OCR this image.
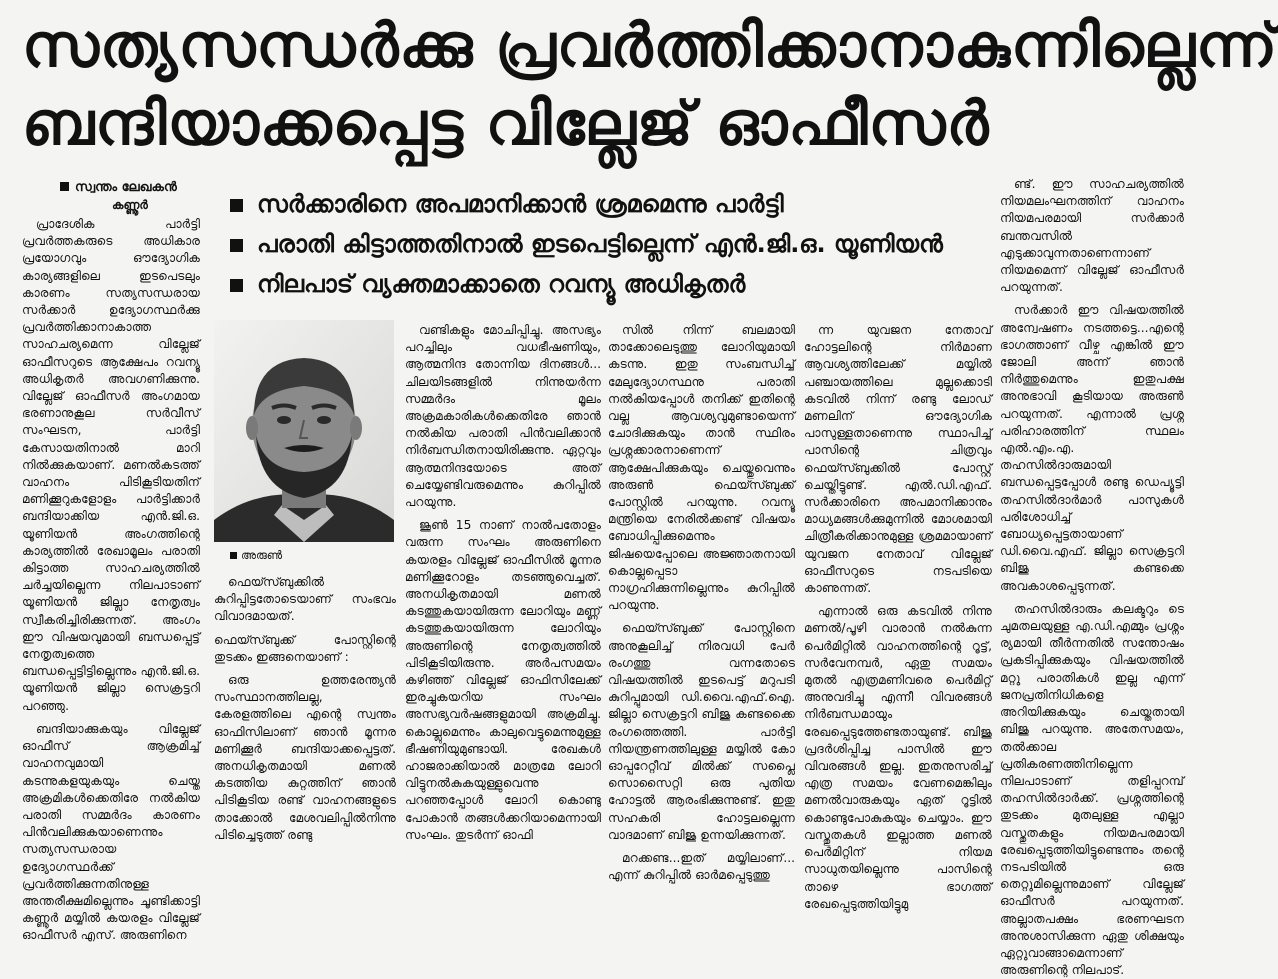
സത്യസന്ധർക്കു പ്രവർത്തിക്കാനാകുന്നില്ലെന്ന്
ബന്ദിയാക്കപ്പെട്ട വില്ലേജ് ഓഫീസർ
സ്വന്തം ലേഖകൻ
കണ്ണൂർ

പ്രാദേശിക പാർട്ടി പ്രവർത്തകരുടെ അധികാര പ്രയോഗവും ഔദ്യോഗിക കാര്യങ്ങളിലെ ഇടപെടലും കാരണം സത്യസന്ധരായ സർക്കാർ ഉദ്യോഗസ്ഥർക്കു പ്രവർത്തിക്കാനാകാത്ത സാഹചര്യമെന്ന വില്ലേജ് ഓഫീസറുടെ ആക്ഷേപം റവന്യൂ അധികൃതർ അവഗണിക്കുന്നു. വില്ലേജ് ഓഫീസർ അംഗമായ ഭരണാനുകൂല സർവീസ് സംഘടന, പാർട്ടി കേസായതിനാൽ മാറി നിൽക്കുകയാണ്. മണൽകടത്ത് വാഹനം പിടികൂടിയതിന് മണിക്കൂറുകളോളം പാർട്ടിക്കാർ ബന്ദിയാക്കിയ എൻ.ജി.ഒ. യൂണിയൻ അംഗത്തിന്റെ കാര്യത്തിൽ രേഖാമൂലം പരാതി കിട്ടാത്ത സാഹചര്യത്തിൽ ചർച്ചയില്ലെന്ന നിലപാടാണ് യൂണിയൻ ജില്ലാ നേതൃത്വം സ്വീകരിച്ചിരിക്കുന്നത്. അംഗം ഈ വിഷയവുമായി ബന്ധപ്പെട്ട് നേതൃത്വത്തെ ബന്ധപ്പെട്ടിട്ടില്ലെന്നും എൻ.ജി.ഒ. യൂണിയൻ ജില്ലാ സെക്രട്ടറി പറഞ്ഞു.

ബന്ദിയാക്കുകയും വില്ലേജ് ഓഫീസ് ആക്രമിച്ച് വാഹനവുമായി കടന്നുകളയുകയും ചെയ്ത അക്രമികൾക്കെതിരേ നൽകിയ പരാതി സമ്മർദം കാരണം പിൻവലിക്കുകയാണെന്നും സത്യസന്ധരായ ഉദ്യോഗസ്ഥർക്ക് പ്രവർത്തിക്കുന്നതിനുള്ള അന്തരീക്ഷമില്ലെന്നും ചൂണ്ടിക്കാട്ടി കണ്ണൂർ മയ്യിൽ കയരളം വില്ലേജ് ഓഫീസർ എസ്. അരുണിനെ

സർക്കാരിനെ അപമാനിക്കാൻ ശ്രമമെന്നു പാർട്ടി
പരാതി കിട്ടാത്തതിനാൽ ഇടപെട്ടില്ലെന്ന് എൻ.ജി.ഒ. യൂണിയൻ
നിലപാട് വ്യക്തമാക്കാതെ റവന്യൂ അധികൃതർ
അരുൺ

ഫെയ്സ്ബുക്കിൽ കുറിപ്പിട്ടതോടെയാണ് സംഭവം വിവാദമായത്.

ഫെയ്സ്ബുക്ക് പോസ്റ്റിന്റെ തുടക്കം ഇങ്ങനെയാണ് :

ഒരു ഉത്തരേന്ത്യൻ സംസ്ഥാനത്തിലല്ല, കേരളത്തിലെ എന്റെ സ്വന്തം ഓഫിസിലാണ് ഞാൻ മൂന്നര മണിക്കൂർ ബന്ദിയാക്കപ്പെട്ടത്. അനധികൃതമായി മണൽ കടത്തിയ കുറ്റത്തിന് ഞാൻ പിടികൂടിയ രണ്ട് വാഹനങ്ങളുടെ താക്കോൽ മേശവലിപ്പിൽനിന്നു പിടിച്ചെടുത്ത് രണ്ടു

വണ്ടികളും മോചിപ്പിച്ചു. അസഭ്യം പറച്ചിലും വധഭീഷണിയും, ആത്മനിന്ദ തോന്നിയ ദിനങ്ങൾ... ചിലയിടങ്ങളിൽ നിന്നുയർന്ന സമ്മർദം മൂലം അക്രമകാരികൾക്കെതിരേ ഞാൻ നൽകിയ പരാതി പിൻവലിക്കാൻ നിർബന്ധിതനായിരിക്കുന്നു. ഏറ്റവും ആത്മനിന്ദയോടെ അത് ചെയ്യേണ്ടിവരുമെന്നും കുറിപ്പിൽ പറയുന്നു.

ജൂൺ 15 നാണ് നാൽപതോളം വരുന്ന സംഘം അരുണിനെ കയരളം വില്ലേജ് ഓഫീസിൽ മൂന്നര മണിക്കൂറോളം തടഞ്ഞുവെച്ചത്. അനധികൃതമായി മണൽ കടത്തുകയായിരുന്ന ലോറിയും മണ്ണ് കടത്തുകയായിരുന്ന ലോറിയും അരുണിന്റെ നേതൃത്വത്തിൽ പിടികൂടിയിരുന്നു. അർപസമയം കഴിഞ്ഞ് വില്ലേജ് ഓഫിസിലേക്ക് ഇരച്ചുകയറിയ സംഘം അസഭ്യവർഷങ്ങളുമായി അക്രമിച്ചു. കൊല്ലുമെന്നും കാലുവെട്ടുമെന്നുമുള്ള ഭീഷണിയുമുണ്ടായി. രേഖകൾ ഹാജരാക്കിയാൽ മാത്രമേ ലോറി വിട്ടുനൽകുകയുള്ളുവെന്നു പറഞ്ഞപ്പോൾ ലോറി കൊണ്ടു പോകാൻ തങ്ങൾക്കറിയാമെന്നായി സംഘം. തുടർന്ന് ഓഫി

സിൽ നിന്ന് ബലമായി താക്കോലെടുത്തു ലോറിയുമായി കടന്നു. ഇതു സംബന്ധിച്ച് മേലുദ്യോഗസ്ഥനു പരാതി നൽകിയപ്പോൾ തനിക്ക് ഇതിന്റെ വല്ല ആവശ്യവുമുണ്ടായെന്ന് ചോദിക്കുകയും താൻ സ്ഥിരം പ്രശ്നക്കാരനാണെന്ന് ആക്ഷേപിക്കുകയും ചെയ്തുവെന്നും അരുൺ ഫെയ്സ്ബുക്ക് പോസ്റ്റിൽ പറയുന്നു. റവന്യൂ മന്ത്രിയെ നേരിൽക്കണ്ട് വിഷയം ബോധിപ്പിക്കുമെന്നും ജിഷയെപ്പോലെ അജ്ഞാതനായി കൊല്ലപ്പെടാ നാഗ്രഹിക്കുന്നില്ലെന്നും കുറിപ്പിൽ പറയുന്നു.

ഫെയ്സ്ബുക്ക് പോസ്റ്റിനെ അനുകൂലിച്ച് നിരവധി പേർ രംഗത്തു വന്നതോടെ വിഷയത്തിൽ ഇടപെട്ട് മറുപടി കുറിപ്പുമായി ഡി.വൈ.എഫ്.ഐ. ജില്ലാ സെക്രട്ടറി ബിജു കണ്ടക്കൈ രംഗത്തെത്തി. പാർട്ടി നിയന്ത്രണത്തിലുള്ള മയ്യിൽ കോ ഓപ്പറേറ്റീവ് മിൽക്ക് സപ്ലൈ സൊസൈറ്റി ഒരു പുതിയ ഹോട്ടൽ ആരംഭിക്കുന്നുണ്ട്. ഇതു സഹകരി ഹോട്ടലല്ലെന്ന വാദമാണ് ബിജു ഉന്നയിക്കുന്നത്.

മറക്കണ്ട...ഇത് മയ്യിലാണ്... എന്ന് കുറിപ്പിൽ ഓർമപ്പെടുത്തു

ന്ന യുവജന നേതാവ് ഹോട്ടലിന്റെ നിർമാണ ആവശ്യത്തിലേക്ക് മയ്യിൽ പഞ്ചായത്തിലെ മുല്ലക്കൊടി കടവിൽ നിന്ന് രണ്ടു ലോഡ് മണലിന് ഔദ്യോഗിക പാസുള്ളതാണെന്നു സ്ഥാപിച്ച് പാസിന്റെ ചിത്രവും ഫെയ്സ്ബുക്കിൽ പോസ്റ്റ് ചെയ്തിട്ടുണ്ട്. എൽ.ഡി.എഫ്. സർക്കാരിനെ അപമാനിക്കാനും മാധ്യമങ്ങൾക്കുമുന്നിൽ മോശമായി ചിത്രീകരിക്കാനുമുള്ള ശ്രമമായാണ് യുവജന നേതാവ് വില്ലേജ് ഓഫീസറുടെ നടപടിയെ കാണുന്നത്.

എന്നാൽ ഒരു കടവിൽ നിന്നു മണൽ/പൂഴി വാരാൻ നൽകുന്ന പെർമിറ്റിൽ വാഹനത്തിന്റെ റൂട്ട്, സർവേനമ്പർ, ഏതു സമയം മുതൽ എത്രമണിവരെ പെർമിറ്റ് അനുവദിച്ചു എന്നീ വിവരങ്ങൾ നിർബന്ധമായും രേഖപ്പെടുത്തേണ്ടതായുണ്ട്. ബിജു പ്രദർശിപ്പിച്ച പാസിൽ ഈ വിവരങ്ങൾ ഇല്ല. ഇതനുസരിച്ച് എത്ര സമയം വേണമെങ്കിലും മണൽവാരുകയും ഏത് റൂട്ടിൽ കൊണ്ടുപോകുകയും ചെയ്യാം. ഈ വസ്തുതകൾ ഇല്ലാത്ത മണൽ പെർമിറ്റിന് നിയമ സാധുതയില്ലെന്നു പാസിന്റെ താഴെ ഭാഗത്ത് രേഖപ്പെടുത്തിയിട്ടുമു

ണ്ട്. ഈ സാഹചര്യത്തിൽ നിയമലംഘനത്തിന് വാഹനം നിയമപരമായി സർക്കാർ ബന്തവസിൽ എടുക്കാവുന്നതാണെന്നാണ് നിയമമെന്ന് വില്ലേജ് ഓഫീസർ പറയുന്നത്.

സർക്കാർ ഈ വിഷയത്തിൽ അന്വേഷണം നടത്തട്ടെ...എന്റെ ഭാഗത്താണ് വീഴ്ച എങ്കിൽ ഈ ജോലി അന്ന് ഞാൻ നിർത്തുമെന്നും ഇതുപക്ഷ അനുഭാവി കൂടിയായ അരുൺ പറയുന്നത്. എന്നാൽ പ്രശ്ന പരിഹാരത്തിന് സ്ഥലം എൽ.എം.എ. തഹസിൽദാരുമായി ബന്ധപ്പെട്ടപ്പോൾ രണ്ടു ഡെപ്യൂട്ടി തഹസിൽദാർമാർ പാസുകൾ പരിശോധിച്ച് ബോധ്യപ്പെട്ടതായാണ് ഡി.വൈ.എഫ്. ജില്ലാ സെക്രട്ടറി ബിജു കണ്ടക്കെ അവകാശപ്പെടുന്നത്.

തഹസിൽദാരും കലക്ടറും ടെ ചുമതലയുള്ള എ.ഡി.എമ്മും പ്രശ്നം ര്യമായി തീർന്നതിൽ സന്തോഷം പ്രകടിപ്പിക്കുകയും വിഷയത്തിൽ മറ്റു പരാതികൾ ഇല്ല എന്ന് ജനപ്രതിനിധികളെ അറിയിക്കുകയും ചെയ്തതായി ബിജു പറയുന്നു. അതേസമയം, തൽക്കാല പ്രതികരണത്തിനില്ലെന്ന നിലപാടാണ് തളിപ്പറമ്പ് തഹസിൽദാർക്ക്. പ്രശ്നത്തിന്റെ തുടക്കം മുതലുള്ള എല്ലാ വസ്തുതകളും നിയമപരമായി രേഖപ്പെടുത്തിയിട്ടുണ്ടെന്നും തന്റെ നടപടിയിൽ ഒരു തെറ്റുമില്ലെന്നുമാണ് വില്ലേജ് ഓഫീസർ പറയുന്നത്. അല്ലാതപക്ഷം ഭരണഘടന അനുശാസിക്കുന്ന ഏതു ശിക്ഷയും ഏറ്റുവാങ്ങാമെന്നാണ് അരുണിന്റെ നിലപാട്.
